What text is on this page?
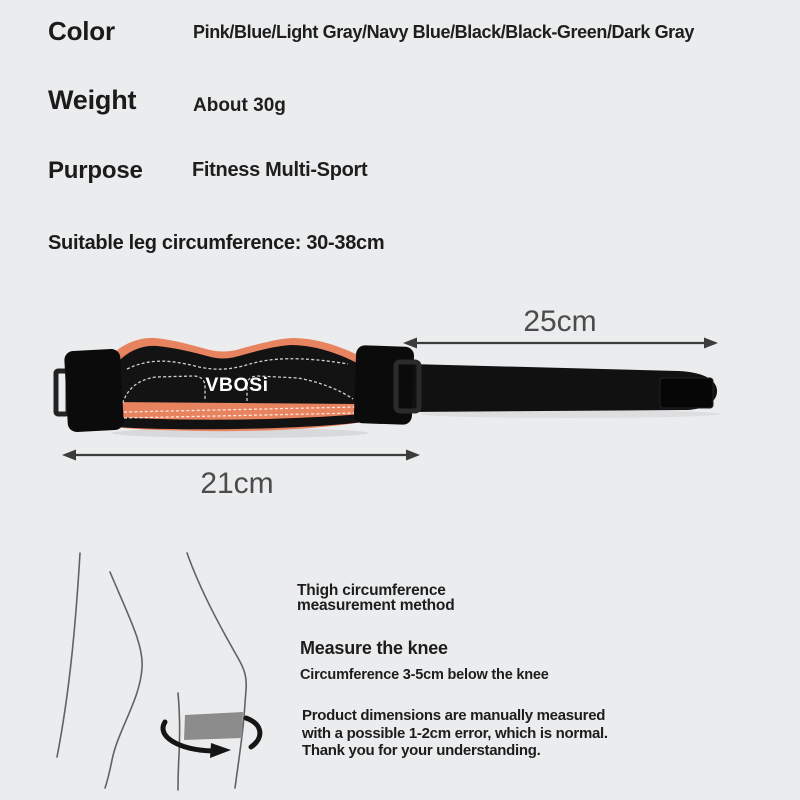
Color	Pink/Blue/Light Gray/Navy Blue/Black/Black-Green/Dark Gray
Weight	About 30g
Purpose Fitness Multi-Sport
Suitable leg circumference: 30-38cm
VBOSi
25cm
21cm
Thigh circumference
measurement method
Measure the knee
Circumference 3-5cm below the knee
Product dimensions are manually measured
with a possible 1-2cm error, which is normal.
Thank you for your understanding.
